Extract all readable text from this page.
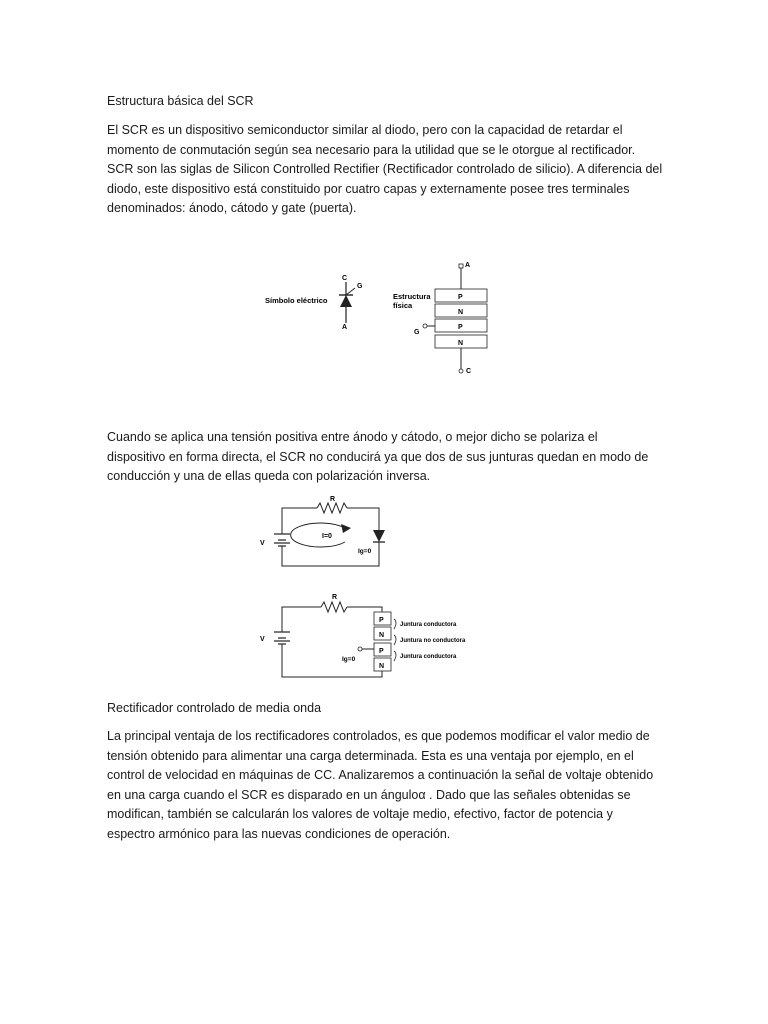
Estructura básica del SCR
El SCR es un dispositivo semiconductor similar al diodo, pero con la capacidad de retardar el
momento de conmutación según sea necesario para la utilidad que se le otorgue al rectificador.
SCR son las siglas de Silicon Controlled Rectifier (Rectificador controlado de silicio). A diferencia del
diodo, este dispositivo está constituido por cuatro capas y externamente posee tres terminales
denominados: ánodo, cátodo y gate (puerta).
Símbolo eléctrico
C
G
A
Estructura
física
A
P
N
P
N
G
C
Cuando se aplica una tensión positiva entre ánodo y cátodo, o mejor dicho se polariza el
dispositivo en forma directa, el SCR no conducirá ya que dos de sus junturas quedan en modo de
conducción y una de ellas queda con polarización inversa.
R
V
I=0
Ig=0
R
P
N
P
N
V
Ig=0
Juntura conductora
Juntura no conductora
Juntura conductora
Rectificador controlado de media onda
La principal ventaja de los rectificadores controlados, es que podemos modificar el valor medio de
tensión obtenido para alimentar una carga determinada. Esta es una ventaja por ejemplo, en el
control de velocidad en máquinas de CC. Analizaremos a continuación la señal de voltaje obtenido
en una carga cuando el SCR es disparado en un ánguloα . Dado que las señales obtenidas se
modifican, también se calcularán los valores de voltaje medio, efectivo, factor de potencia y
espectro armónico para las nuevas condiciones de operación.
